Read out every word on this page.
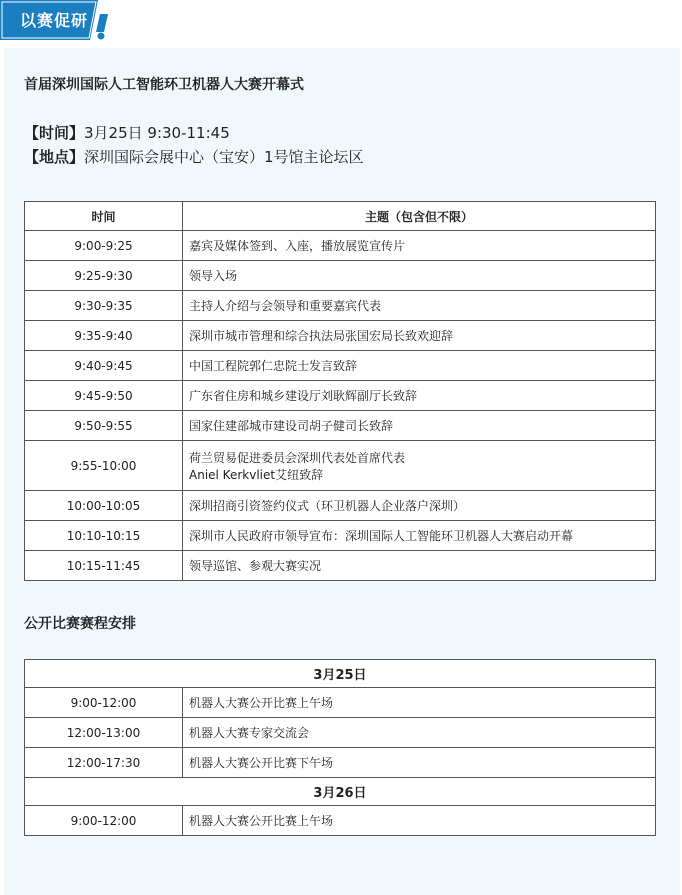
以赛促研
首届深圳国际人工智能环卫机器人大赛开幕式
【时间】3月25日 9:30-11:45
【地点】深圳国际会展中心（宝安）1号馆主论坛区
时间	主题（包含但不限）
9:00-9:25	嘉宾及媒体签到、入座，播放展览宣传片
9:25-9:30	领导入场
9:30-9:35	主持人介绍与会领导和重要嘉宾代表
9:35-9:40	深圳市城市管理和综合执法局张国宏局长致欢迎辞
9:40-9:45	中国工程院郭仁忠院士发言致辞
9:45-9:50	广东省住房和城乡建设厅刘耿辉副厅长致辞
9:50-9:55	国家住建部城市建设司胡子健司长致辞
9:55-10:00	荷兰贸易促进委员会深圳代表处首席代表
Aniel Kerkvliet艾纽致辞

10:00-10:05	深圳招商引资签约仪式（环卫机器人企业落户深圳）
10:10-10:15	深圳市人民政府市领导宣布：深圳国际人工智能环卫机器人大赛启动开幕
10:15-11:45	领导巡馆、参观大赛实况
公开比赛赛程安排
3月25日	
9:00-12:00	机器人大赛公开比赛上午场
12:00-13:00	机器人大赛专家交流会
12:00-17:30	机器人大赛公开比赛下午场
3月26日	
9:00-12:00	机器人大赛公开比赛上午场
